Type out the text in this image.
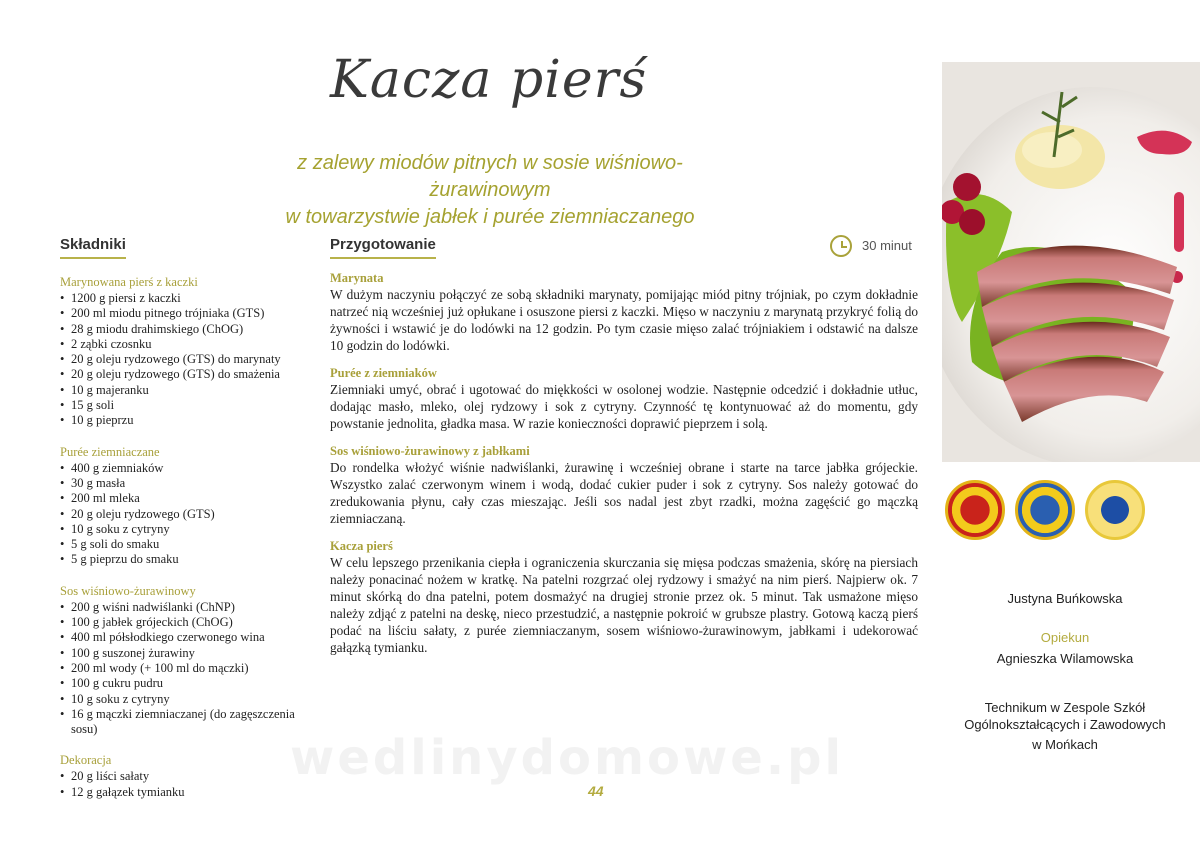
Kacza pierś
z zalewy miodów pitnych w sosie wiśniowo-żurawinowym
w towarzystwie jabłek i purée ziemniaczanego
Składniki
Marynowana pierś z kaczki
• 1200 g piersi z kaczki
• 200 ml miodu pitnego trójniaka (GTS)
• 28 g miodu drahimskiego (ChOG)
• 2 ząbki czosnku
• 20 g oleju rydzowego (GTS) do marynaty
• 20 g oleju rydzowego (GTS) do smażenia
• 10 g majeranku
• 15 g soli
• 10 g pieprzu
Purée ziemniaczane
• 400 g ziemniaków
• 30 g masła
• 200 ml mleka
• 20 g oleju rydzowego (GTS)
• 10 g soku z cytryny
• 5 g soli do smaku
• 5 g pieprzu do smaku
Sos wiśniowo-żurawinowy
• 200 g wiśni nadwiślanki (ChNP)
• 100 g jabłek grójeckich (ChOG)
• 400 ml półsłodkiego czerwonego wina
• 100 g suszonej żurawiny
• 200 ml wody (+ 100 ml do mączki)
• 100 g cukru pudru
• 10 g soku z cytryny
• 16 g mączki ziemniaczanej (do zagęszczenia sosu)
Dekoracja
• 20 g liści sałaty
• 12 g gałązek tymianku
Przygotowanie
Marynata
W dużym naczyniu połączyć ze sobą składniki marynaty, pomijając miód pitny trójniak, po czym dokładnie natrzeć nią wcześniej już opłukane i osuszone piersi z kaczki. Mięso w naczyniu z marynatą przykryć folią do żywności i wstawić je do lodówki na 12 godzin. Po tym czasie mięso zalać trójniakiem i odstawić na dalsze 10 godzin do lodówki.
Purée z ziemniaków
Ziemniaki umyć, obrać i ugotować do miękkości w osolonej wodzie. Następnie odcedzić i dokładnie utłuc, dodając masło, mleko, olej rydzowy i sok z cytryny. Czynność tę kontynuować aż do momentu, gdy powstanie jednolita, gładka masa. W razie konieczności doprawić pieprzem i solą.
Sos wiśniowo-żurawinowy z jabłkami
Do rondelka włożyć wiśnie nadwiślanki, żurawinę i wcześniej obrane i starte na tarce jabłka grójeckie. Wszystko zalać czerwonym winem i wodą, dodać cukier puder i sok z cytryny. Sos należy gotować do zredukowania płynu, cały czas mieszając. Jeśli sos nadal jest zbyt rzadki, można zagęścić go mączką ziemniaczaną.
Kacza pierś
W celu lepszego przenikania ciepła i ograniczenia skurczania się mięsa podczas smażenia, skórę na piersiach należy ponacinać nożem w kratkę. Na patelni rozgrzać olej rydzowy i smażyć na nim pierś. Najpierw ok. 7 minut skórką do dna patelni, potem dosmażyć na drugiej stronie przez ok. 5 minut. Tak usmażone mięso należy zdjąć z patelni na deskę, nieco przestudzić, a następnie pokroić w grubsze plastry. Gotową kaczą pierś podać na liściu sałaty, z purée ziemniaczanym, sosem wiśniowo-żurawinowym, jabłkami i udekorować gałązką tymianku.
30 minut
Justyna Buńkowska
Opiekun
Agnieszka Wilamowska
Technikum w Zespole Szkół
Ogólnokształcących i Zawodowych
w Mońkach
wedlinydomowe.pl
44
